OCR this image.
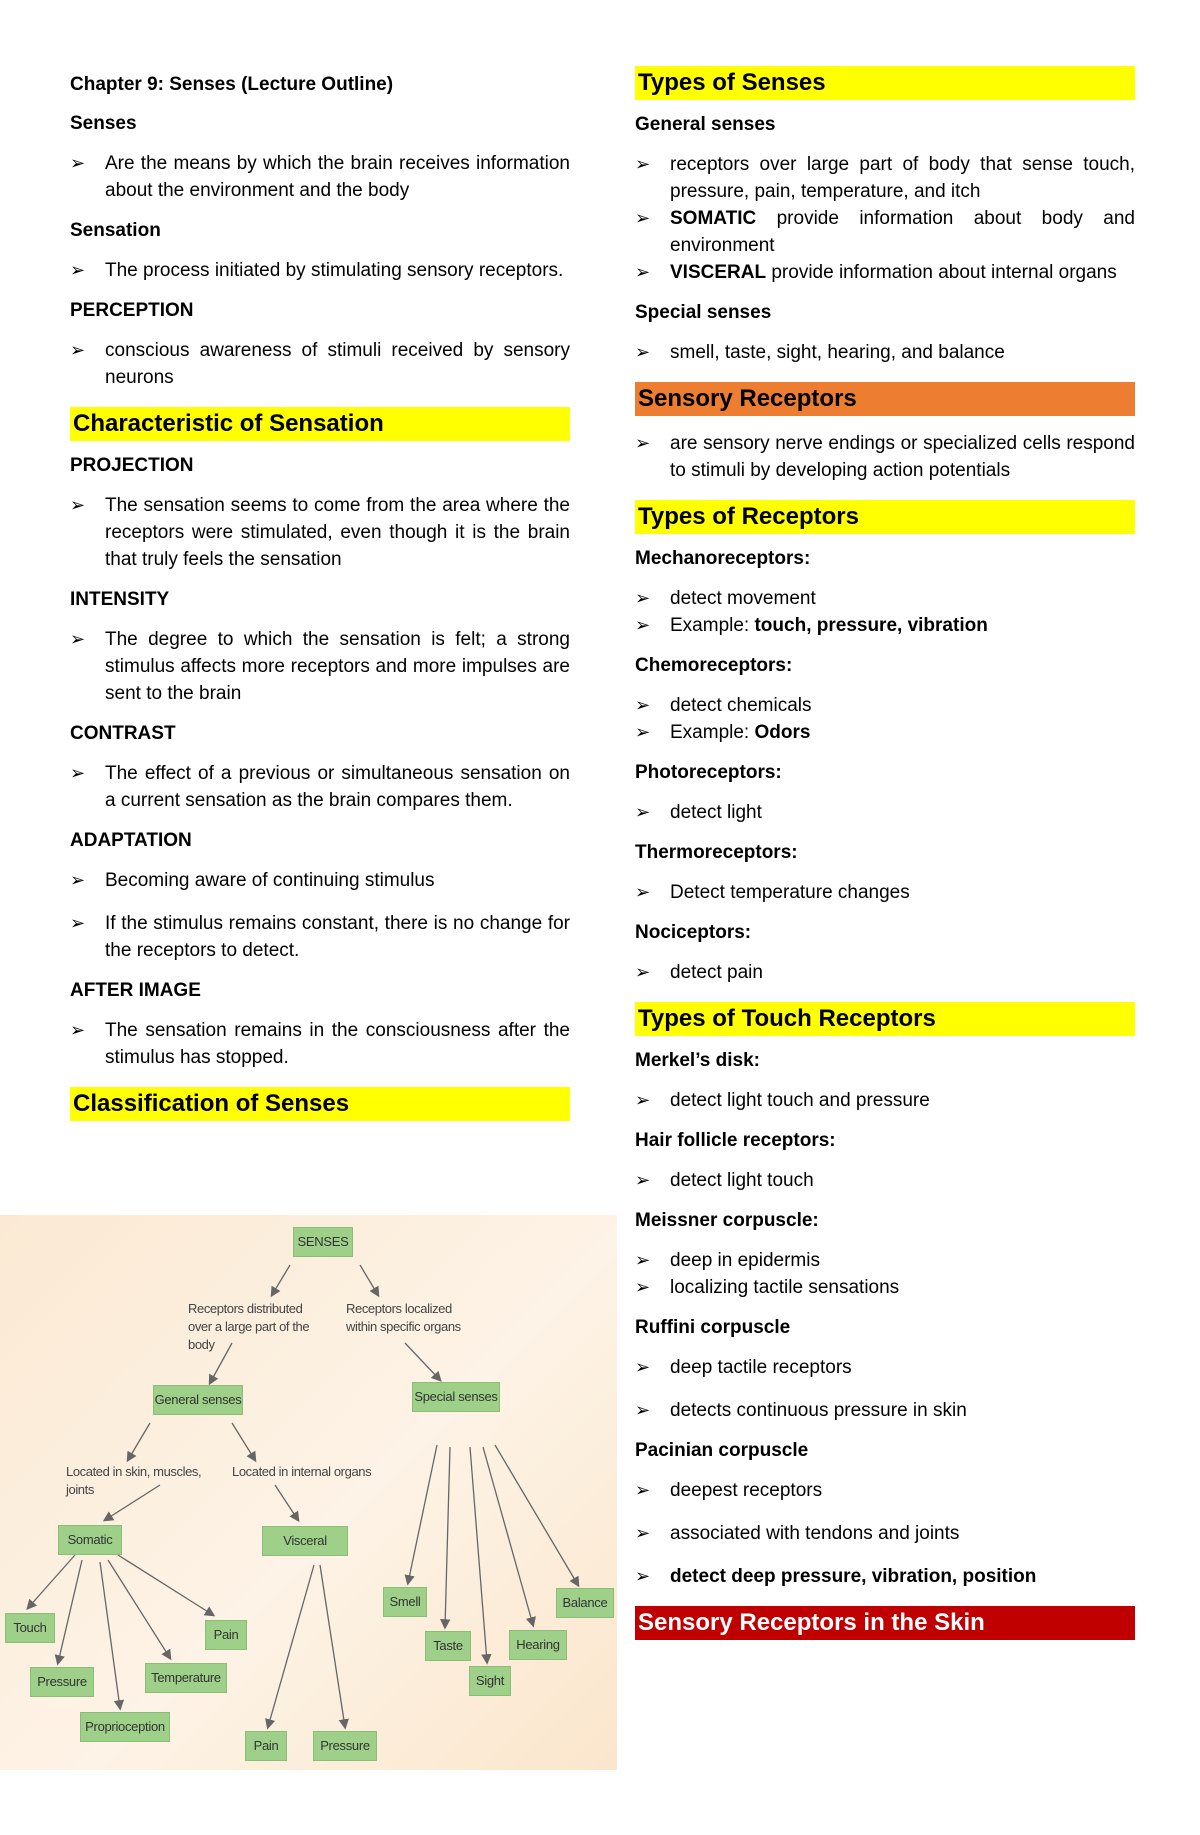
Chapter 9: Senses (Lecture Outline)
Senses
➢ Are the means by which the brain receives information about the environment and the body
Sensation
➢ The process initiated by stimulating sensory receptors.
PERCEPTION
➢ conscious awareness of stimuli received by sensory neurons
Characteristic of Sensation
PROJECTION
➢ The sensation seems to come from the area where the receptors were stimulated, even though it is the brain that truly feels the sensation
INTENSITY
➢ The degree to which the sensation is felt; a strong stimulus affects more receptors and more impulses are sent to the brain
CONTRAST
➢ The effect of a previous or simultaneous sensation on a current sensation as the brain compares them.
ADAPTATION
➢ Becoming aware of continuing stimulus
➢ If the stimulus remains constant, there is no change for the receptors to detect.
AFTER IMAGE
➢ The sensation remains in the consciousness after the stimulus has stopped.
Classification of Senses
SENSES
Receptors distributed over a large part of the body
Receptors localized within specific organs
General senses	Special senses
Located in skin, muscles, joints
Located in internal organs
Somatic	Visceral
Touch
Pressure
Proprioception
Temperature
Pain
Pain	Pressure
Smell
Taste
Sight
Hearing
Balance
Types of Senses
General senses
➢ receptors over large part of body that sense touch, pressure, pain, temperature, and itch
➢ SOMATIC provide information about body and environment
➢ VISCERAL provide information about internal organs
Special senses
➢ smell, taste, sight, hearing, and balance
Sensory Receptors
➢ are sensory nerve endings or specialized cells respond to stimuli by developing action potentials
Types of Receptors
Mechanoreceptors:
➢ detect movement
➢ Example: touch, pressure, vibration
Chemoreceptors:
➢ detect chemicals
➢ Example: Odors
Photoreceptors:
➢ detect light
Thermoreceptors:
➢ Detect temperature changes
Nociceptors:
➢ detect pain
Types of Touch Receptors
Merkel’s disk:
➢ detect light touch and pressure
Hair follicle receptors:
➢ detect light touch
Meissner corpuscle:
➢ deep in epidermis
➢ localizing tactile sensations
Ruffini corpuscle
➢ deep tactile receptors
➢ detects continuous pressure in skin
Pacinian corpuscle
➢ deepest receptors
➢ associated with tendons and joints
➢ detect deep pressure, vibration, position
Sensory Receptors in the Skin
